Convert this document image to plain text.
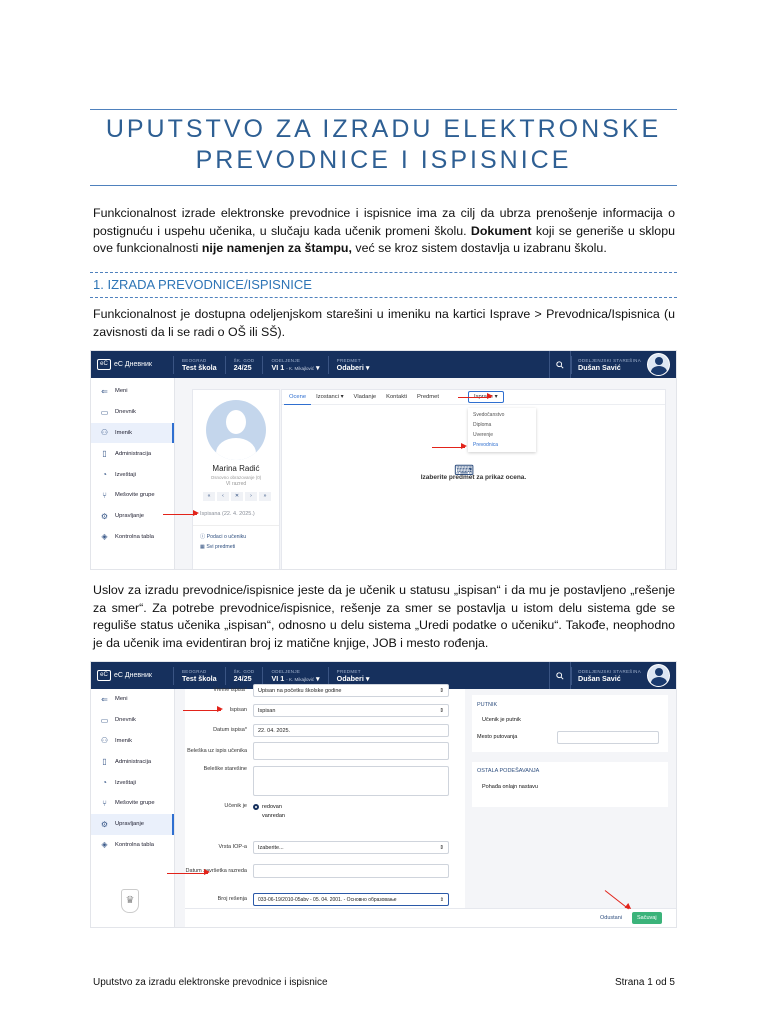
UPUTSTVO ZA IZRADU ELEKTRONSKE
PREVODNICE I ISPISNICE

Funkcionalnost izrade elektronske prevodnice i ispisnice ima za cilj da ubrza prenošenje informacija o postignuću i uspehu učenika, u slučaju kada učenik promeni školu. Dokument koji se generiše u sklopu ove funkcionalnosti nije namenjen za štampu, već se kroz sistem dostavlja u izabranu školu.

1. IZRADA PREVODNICE/ISPISNICE

Funkcionalnost je dostupna odeljenjskom starešini u imeniku na kartici Isprave > Prevodnica/Ispisnica (u zavisnosti da li se radi o OŠ ili SŠ).

eС eС Дневник
BEOGRAD
Test škola
ŠK. GOD
24/25
ODELJENJE
VI 1 - K. Mikajlović ▾
PREDMET
Odaberi ▾
ODELJENJSKI STAREŠINA
Dušan Savić
⇐ Meni
▭ Dnevnik
⚇ Imenik
▯	Administracija
◔	Izveštaji
⑂	Mešovite grupe
⚙ Upravljanje
◈ Kontrolna tabla
Marina Radić
Osnovno obrazovanje (0)
VI razred
«	‹	✕	›	»
Ispisana (22. 4. 2025.)
ⓘ Podaci o učeniku
▦ Svi predmeti
Ocene	Izostanci ▾	Vladanje	Kontakti	Predmet	Isprave ▾
Svedočanstvo
Diploma
Uverenje
Prevodnica
⌨
Izaberite predmet za prikaz ocena.

Uslov za izradu prevodnice/ispisnice jeste da je učenik u statusu „ispisan“ i da mu je postavljeno „rešenje za smer“. Za potrebe prevodnice/ispisnice, rešenje za smer se postavlja u istom delu sistema gde se reguliše status učenika „ispisan“, odnosno u delu sistema „Uredi podatke o učeniku“. Takođe, neophodno je da učenik ima evidentiran broj iz matične knjige, JOB i mesto rođenja.

eС eС Дневник
BEOGRAD
Test škola
ŠK. GOD
24/25
ODELJENJE
VI 1 - K. Mikajlović ▾
PREDMET
Odaberi ▾
ODELJENJSKI STAREŠINA
Dušan Savić
⇐ Meni
▭ Dnevnik
⚇ Imenik
▯	Administracija
◔	Izveštaji
⑂	Mešovite grupe
⚙ Upravljanje
◈ Kontrolna tabla
♛
Vreme ispisa*	Upisan na početku školske godine	⇕
Ispisan	Ispisan	⇕
Datum ispisa*	22. 04. 2025.
Beleška uz ispis učenika
Beleške starešine
Učenik je	redovan
vanredan
Vrsta IOP-a	Izaberite...	⇕
Datum završetka razreda
Broj rešenja	033-06-19/2010-05abv - 05. 04. 2001. - Основно образовање	⇕
PUTNIK
Učenik je putnik
Mesto putovanja
OSTALA PODEŠAVANJA
Pohađa onlajn nastavu
Odustani	Sačuvaj
Uputstvo za izradu elektronske prevodnice i ispisnice	Strana 1 od 5
